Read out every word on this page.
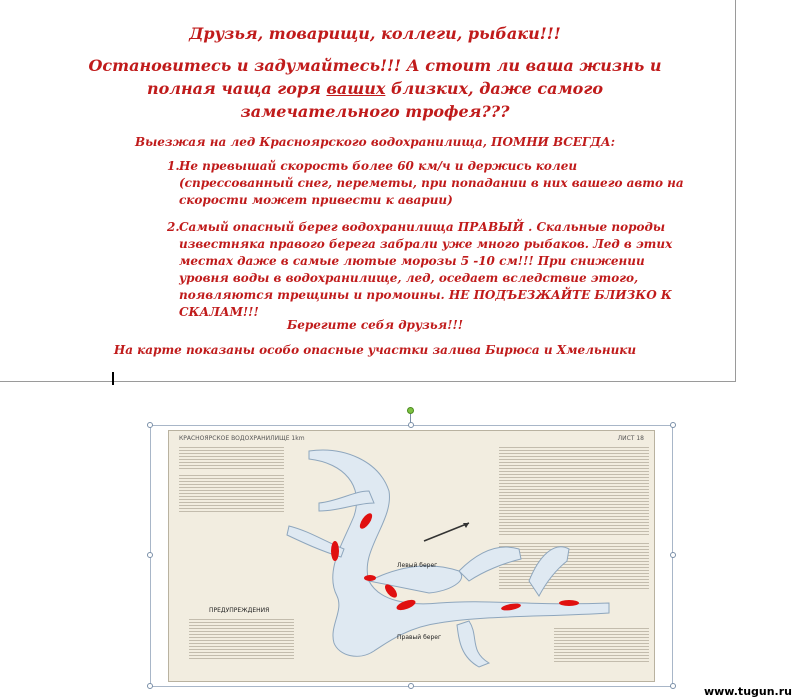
Друзья, товарищи, коллеги, рыбаки!!!
Остановитесь и задумайтесь!!! А стоит ли ваша жизнь и
полная чаща горя ваших близких, даже самого
замечательного трофея???
Выезжая на лед Красноярского водохранилища, ПОМНИ ВСЕГДА:
1. Не превышай скорость более 60 км/ч и держись колеи (спрессованный снег, переметы, при попадании в них вашего авто на скорости может привести к аварии)
2. Самый опасный берег водохранилища ПРАВЫЙ . Скальные породы известняка правого берега забрали уже много рыбаков. Лед в этих местах даже в самые лютые морозы 5 -10 см!!! При снижении уровня воды в водохранилище, лед, оседает вследствие этого, появляются трещины и промоины. НЕ ПОДЪЕЗЖАЙТЕ БЛИЗКО К СКАЛАМ!!!
Берегите себя друзья!!!
На карте показаны особо опасные участки залива Бирюса и Хмельники
КРАСНОЯРСКОЕ ВОДОХРАНИЛИЩЕ 1km	ЛИСТ 18
ПРЕДУПРЕЖДЕНИЯ
Левый берег
Правый берег
www.tugun.ru
